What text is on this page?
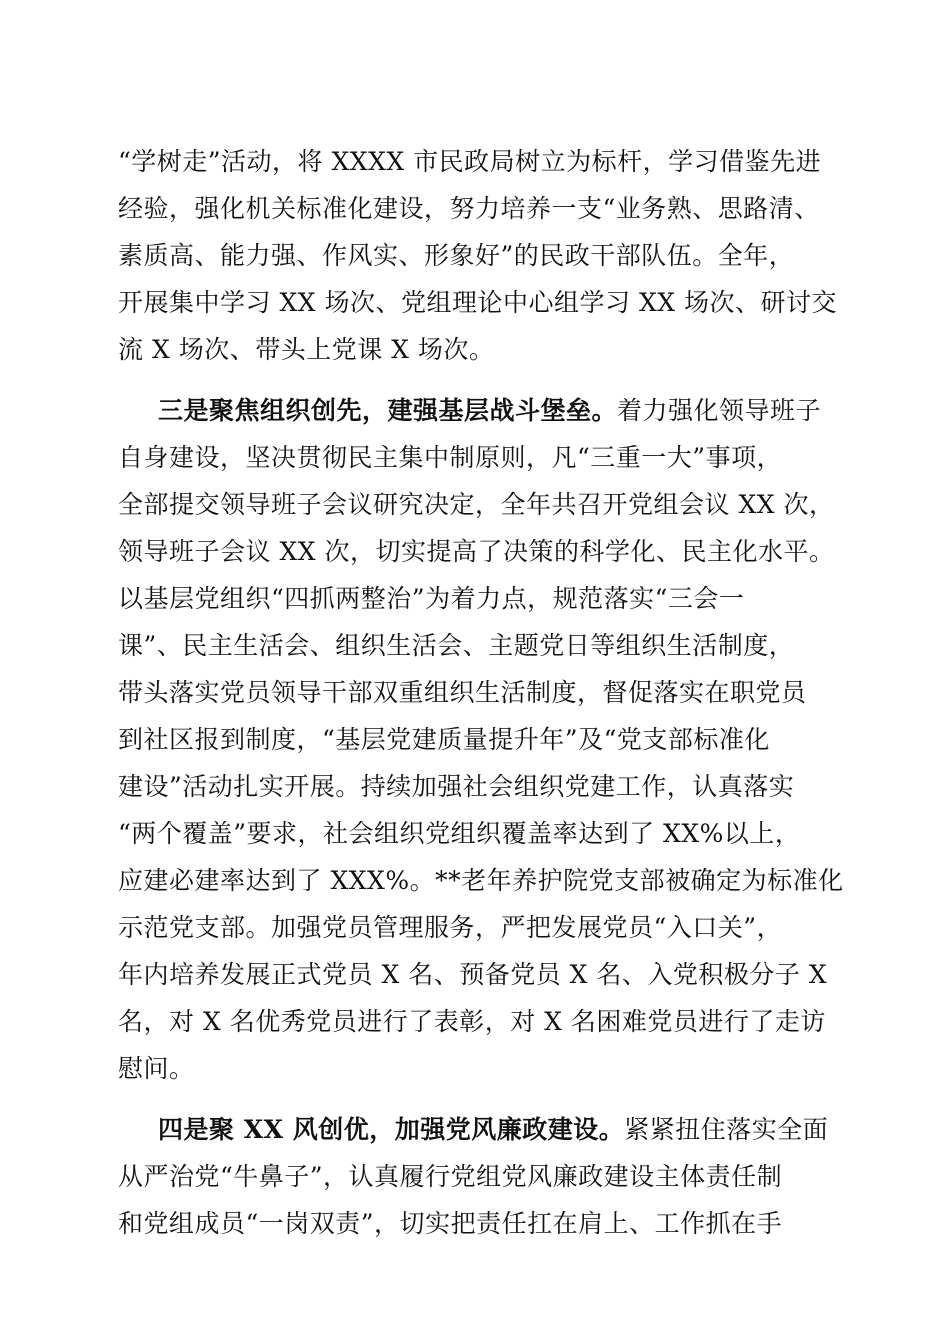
“学树走”活动，将 XXXX 市民政局树立为标杆，学习借鉴先进
经验，强化机关标准化建设，努力培养一支“业务熟、思路清、
素质高、能力强、作风实、形象好”的民政干部队伍。全年，
开展集中学习 XX 场次、党组理论中心组学习 XX 场次、研讨交
流 X 场次、带头上党课 X 场次。
三是聚焦组织创先，建强基层战斗堡垒。着力强化领导班子
自身建设，坚决贯彻民主集中制原则，凡“三重一大”事项，
全部提交领导班子会议研究决定，全年共召开党组会议 XX 次，
领导班子会议 XX 次，切实提高了决策的科学化、民主化水平。
以基层党组织“四抓两整治”为着力点，规范落实“三会一
课”、民主生活会、组织生活会、主题党日等组织生活制度，
带头落实党员领导干部双重组织生活制度，督促落实在职党员
到社区报到制度，“基层党建质量提升年”及“党支部标准化
建设”活动扎实开展。持续加强社会组织党建工作，认真落实
“两个覆盖”要求，社会组织党组织覆盖率达到了 XX%以上，
应建必建率达到了 XXX%。**老年养护院党支部被确定为标准化
示范党支部。加强党员管理服务，严把发展党员“入口关”，
年内培养发展正式党员 X 名、预备党员 X 名、入党积极分子 X
名，对 X 名优秀党员进行了表彰，对 X 名困难党员进行了走访
慰问。
四是聚 XX 风创优，加强党风廉政建设。紧紧扭住落实全面
从严治党“牛鼻子”，认真履行党组党风廉政建设主体责任制
和党组成员“一岗双责”，切实把责任扛在肩上、工作抓在手
